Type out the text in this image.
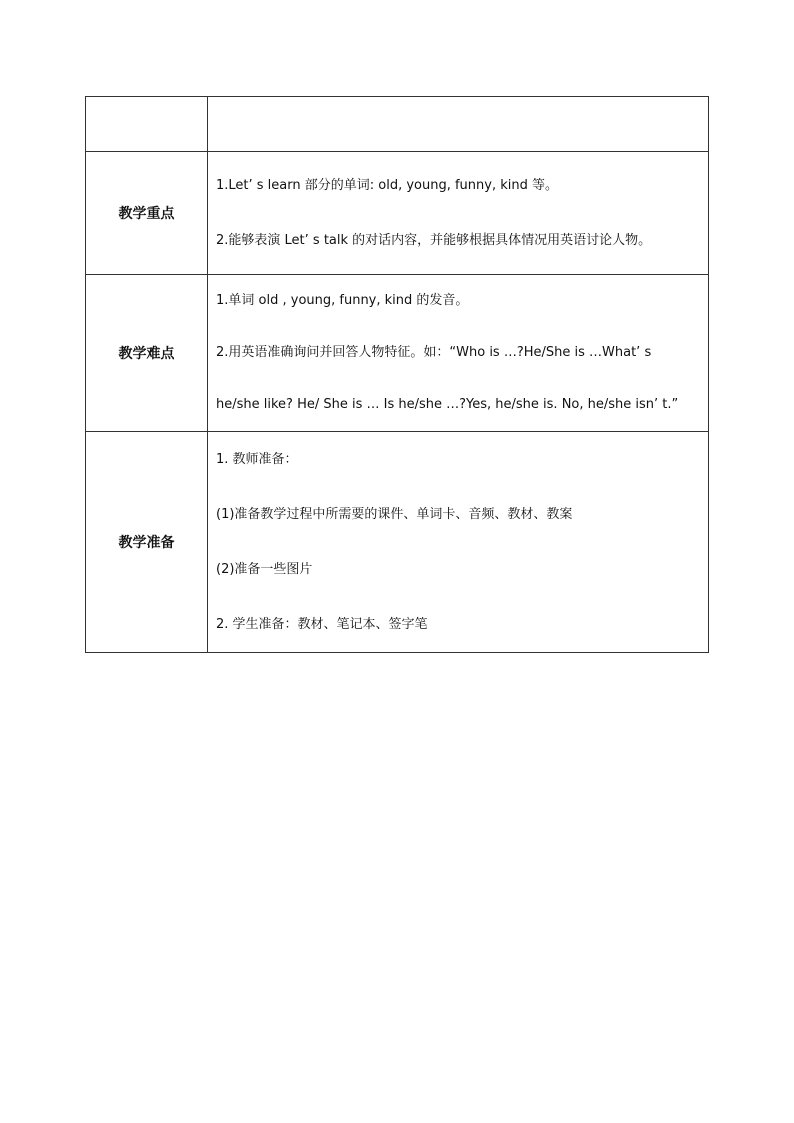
教学重点	1.Let’ s learn 部分的单词: old, young, funny, kind 等。
2.能够表演 Let’ s talk 的对话内容，并能够根据具体情况用英语讨论人物。

教学难点	1.单词 old , young, funny, kind 的发音。
2.用英语准确询问并回答人物特征。如：“Who is …?He/She is …What’ s
he/she like? He/ She is … Is he/she …?Yes, he/she is. No, he/she isn’ t.”

教学准备	1. 教师准备：
(1)准备教学过程中所需要的课件、单词卡、音频、教材、教案
(2)准备一些图片
2. 学生准备：教材、笔记本、签字笔
